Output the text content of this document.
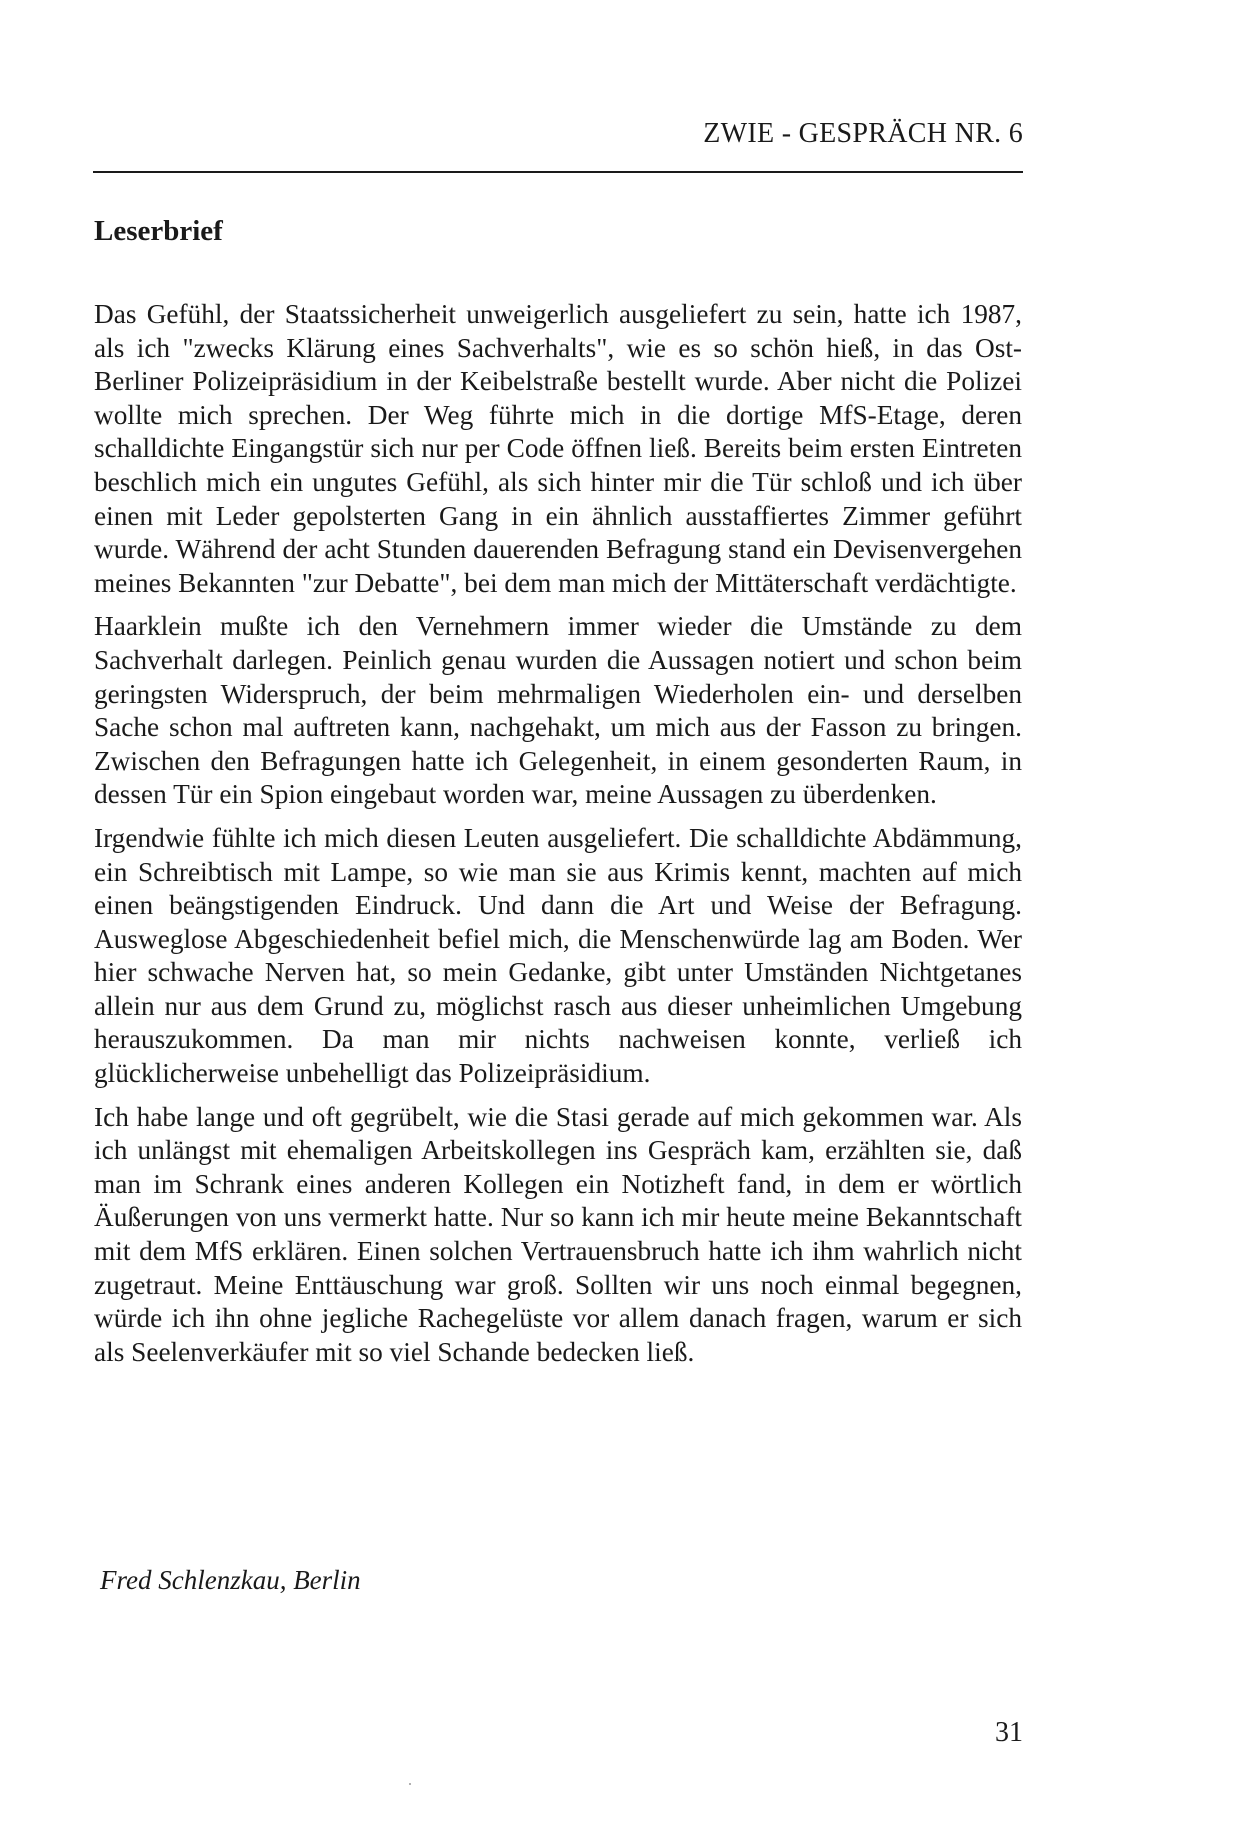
ZWIE - GESPRÄCH NR. 6
Leserbrief

Das Gefühl, der Staatssicherheit unweigerlich ausgeliefert zu sein, hatte ich 1987, als ich "zwecks Klärung eines Sachverhalts", wie es so schön hieß, in das Ost-Berliner Polizeipräsidium in der Keibelstraße bestellt wurde. Aber nicht die Polizei wollte mich sprechen. Der Weg führte mich in die dortige MfS-Etage, deren schalldichte Eingangstür sich nur per Code öffnen ließ. Bereits beim ersten Eintreten beschlich mich ein ungutes Gefühl, als sich hinter mir die Tür schloß und ich über einen mit Leder gepolsterten Gang in ein ähnlich ausstaffiertes Zimmer geführt wurde. Während der acht Stunden dauerenden Befragung stand ein Devisenvergehen meines Bekannten "zur Debatte", bei dem man mich der Mittäterschaft verdächtigte.

Haarklein mußte ich den Vernehmern immer wieder die Umstände zu dem Sachverhalt darlegen. Peinlich genau wurden die Aussagen notiert und schon beim geringsten Widerspruch, der beim mehrmaligen Wiederholen ein- und derselben Sache schon mal auftreten kann, nachgehakt, um mich aus der Fasson zu bringen. Zwischen den Befragungen hatte ich Gelegenheit, in einem gesonderten Raum, in dessen Tür ein Spion eingebaut worden war, meine Aussagen zu überdenken.

Irgendwie fühlte ich mich diesen Leuten ausgeliefert. Die schalldichte Abdämmung, ein Schreibtisch mit Lampe, so wie man sie aus Krimis kennt, machten auf mich einen beängstigenden Eindruck. Und dann die Art und Weise der Befragung. Ausweglose Abgeschiedenheit befiel mich, die Menschenwürde lag am Boden. Wer hier schwache Nerven hat, so mein Gedanke, gibt unter Umständen Nichtgetanes allein nur aus dem Grund zu, möglichst rasch aus dieser unheimlichen Umgebung herauszukommen. Da man mir nichts nachweisen konnte, verließ ich glücklicherweise unbehelligt das Polizeipräsidium.

Ich habe lange und oft gegrübelt, wie die Stasi gerade auf mich gekommen war. Als ich unlängst mit ehemaligen Arbeitskollegen ins Gespräch kam, erzählten sie, daß man im Schrank eines anderen Kollegen ein Notizheft fand, in dem er wörtlich Äußerungen von uns vermerkt hatte. Nur so kann ich mir heute meine Bekanntschaft mit dem MfS erklären. Einen solchen Vertrauensbruch hatte ich ihm wahrlich nicht zugetraut. Meine Enttäuschung war groß. Sollten wir uns noch einmal begegnen, würde ich ihn ohne jegliche Rachegelüste vor allem danach fragen, warum er sich als Seelenverkäufer mit so viel Schande bedecken ließ.

Fred Schlenzkau, Berlin
31
